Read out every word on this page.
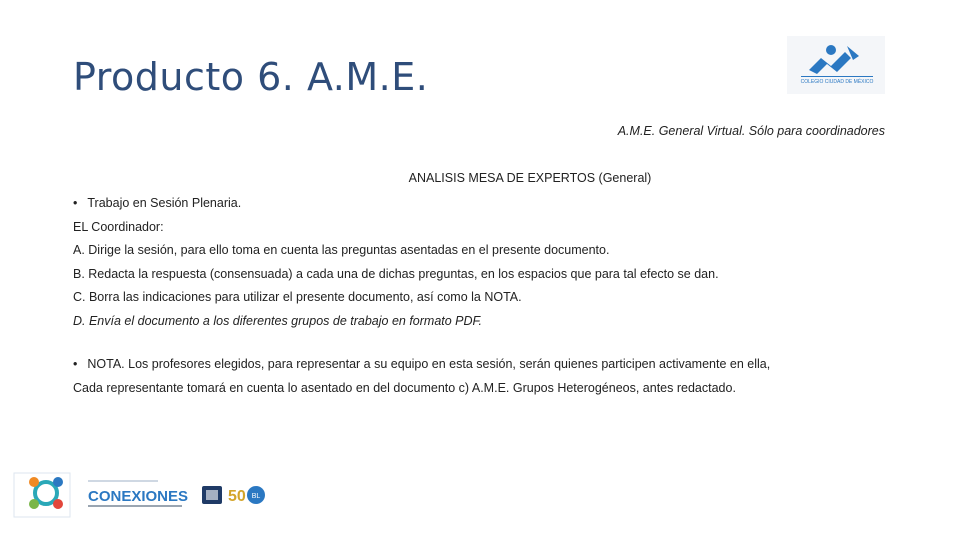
Producto 6. A.M.E.	COLEGIO CIUDAD DE MÉXICO
A.M.E. General Virtual. Sólo para coordinadores
ANALISIS MESA DE EXPERTOS (General)
• Trabajo en Sesión Plenaria.
EL Coordinador:
A. Dirige la sesión, para ello toma en cuenta las preguntas asentadas en el presente documento.
B. Redacta la respuesta (consensuada) a cada una de dichas preguntas, en los espacios que para tal efecto se dan.
C. Borra las indicaciones para utilizar el presente documento, así como la NOTA.
D. Envía el documento a los diferentes grupos de trabajo en formato PDF.
• NOTA. Los profesores elegidos, para representar a su equipo en esta sesión, serán quienes participen activamente en ella,
Cada representante tomará en cuenta lo asentado en del documento c) A.M.E. Grupos Heterogéneos, antes redactado.
CONEXIONES 50 BL
